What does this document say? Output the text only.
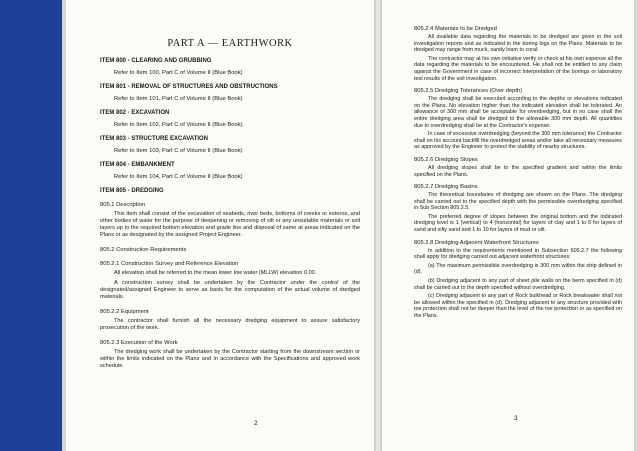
PART A — EARTHWORK
ITEM 800 - CLEARING AND GRUBBING
Refer to Item 100, Part C of Volume II (Blue Book)
ITEM 801 - REMOVAL OF STRUCTURES AND OBSTRUCTIONS
Refer to Item 101, Part C of Volume II (Blue Book)
ITEM 802 - EXCAVATION
Refer to Item 102, Part C of Volume II (Blue Book)
ITEM 803 - STRUCTURE EXCAVATION
Refer to Item 103, Part C of Volume II (Blue Book)
ITEM 804 - EMBANKMENT
Refer to Item 104, Part C of Volume II (Blue Book)
ITEM 805 - DREDGING
805.1 Description

This item shall consist of the excavation of seabeds, river beds, bottoms of creeks or esteros, and other bodies of water for the purpose of deepening or removing of silt or any unsuitable materials or soil layers up to the required bottom elevation and grade line and disposal of same at areas indicated on the Plans or as designated by the assigned Project Engineer.

805.2 Construction Requirements
805.2.1 Construction Survey and Reference Elevation

All elevation shall be referred to the mean lower low water (MLLW) elevation 0.00.

A construction survey shall be undertaken by the Contractor under the control of the designated/assigned Engineer to serve as basis for the computation of the actual volume of dredged materials.

805.2.2 Equipment

The contractor shall furnish all the necessary dredging equipment to assure satisfactory prosecution of the work.

805.2.3 Execution of the Work

The dredging work shall be undertaken by the Contractor starting from the downstream section or within the limits indicated on the Plans and in accordance with the Specifications and approved work schedule.

2
805.2.4 Materials to be Dredged

All available data regarding the materials to be dredged are given in the soil investigation reports and as indicated in the boring logs on the Plans. Materials to be dredged may range from muck, sandy loam to coral.

The contractor may at his own initiative verify or check at his own expense all the data regarding the materials to be encountered. He shall not be entitled to any claim against the Government in case of incorrect interpretation of the borings or laboratory test results of the soil investigation.

805.2.5 Dredging Tolerances (Over depth)

The dredging shall be executed according to the depths or elevations indicated on the Plans. No elevation higher than the indicated elevation shall be tolerated. An allowance of 300 mm shall be acceptable for overdredging, but in no case shall the entire dredging area shall be dredged to the allowable 300 mm depth. All quantities due to overdredging shall be at the Contractor's expense.

In case of excessive overdredging (beyond the 300 mm tolerance) the Contractor shall on his account backfill the overdredged areas and/or take all necessary measures as approved by the Engineer to protect the stability of nearby structures.

805.2.6 Dredging Slopes

All dredging slopes shall be to the specified gradient and within the limits specified on the Plans.

805.2.7 Dredging Basins

The theoretical boundaries of dredging are shown on the Plans. The dredging shall be carried out to the specified depth with the permissible overdredging specified in Sub Section 805.2.5.

The preferred degree of slopes between the original bottom and the indicated dredging level is 1 (vertical) to 4 (horizontal) for layers of clay and 1 to 6 for layers of sand and silty sand and 1 to 10 for layers of mud or silt.

805.2.8 Dredging Adjacent Waterfront Structures

In addition to the requirements mentioned in Subsection 605.2.7 the following shall apply for dredging carried out adjacent waterfront structures:

(a) The maximum permissible overdredging is 300 mm within the strip defined in (d).

(b) Dredging adjacent to any part of sheet pile walls on the berm specified in (d) shall be carried out to the depth specified without overdredging.

(c) Dredging adjacent to any part of Rock bulkhead or Rock breakwater shall not be allowed within the specified in (d). Dredging adjacent to any structure provided with toe protection shall not be deeper than the level of the toe protection or as specified on the Plans.

3
